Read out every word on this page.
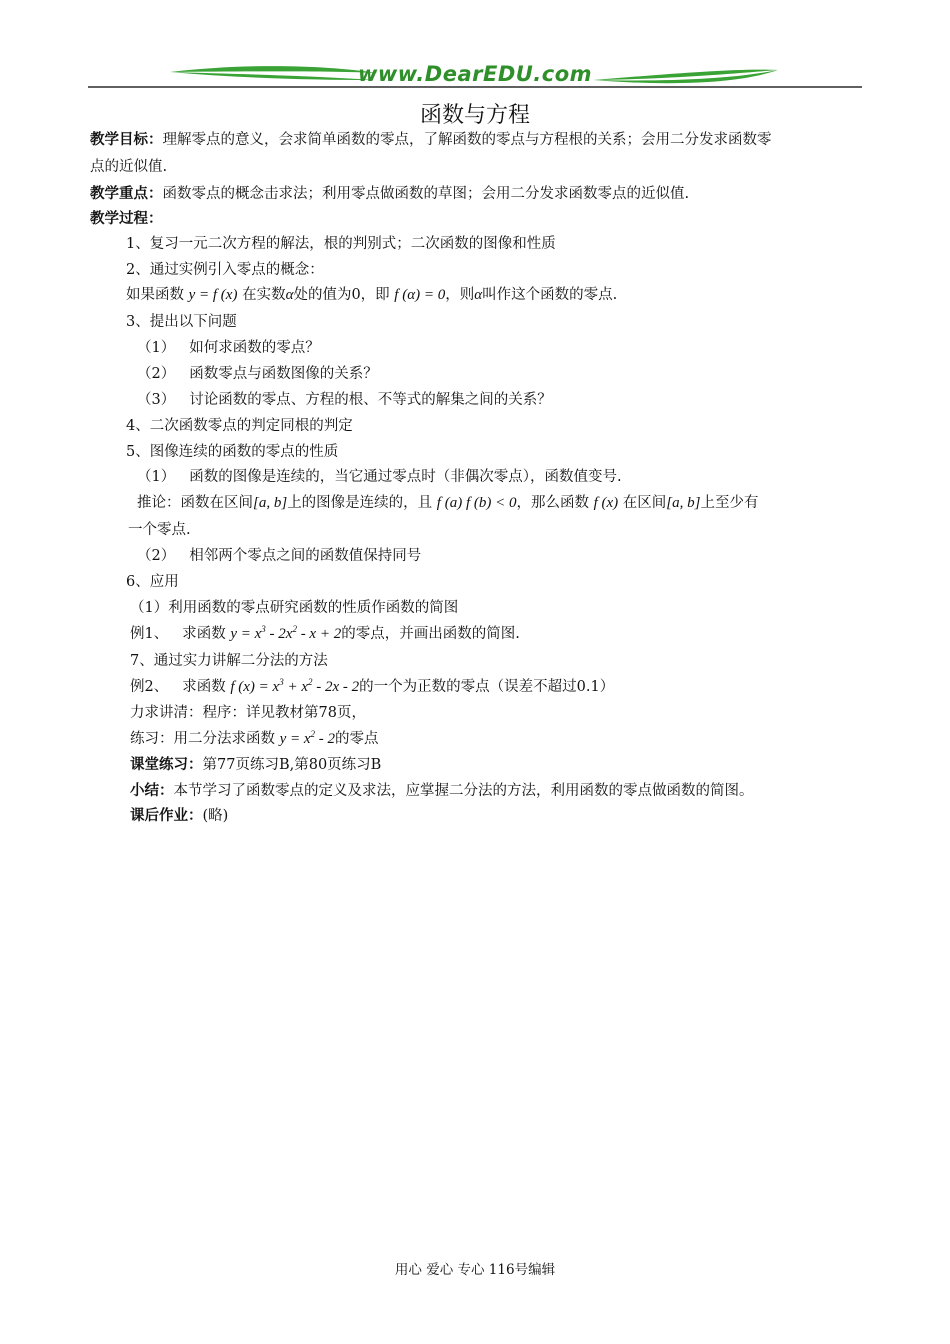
www.DearEDU.com
函数与方程
教学目标：理解零点的意义，会求简单函数的零点，了解函数的零点与方程根的关系；会用二分发求函数零
点的近似值.
教学重点：函数零点的概念击求法；利用零点做函数的草图；会用二分发求函数零点的近似值.
教学过程：
1、复习一元二次方程的解法，根的判别式；二次函数的图像和性质
2、通过实例引入零点的概念：
如果函数 y = f (x) 在实数α处的值为0，即 f (α) = 0，则α叫作这个函数的零点.
3、提出以下问题
（1） 如何求函数的零点？
（2） 函数零点与函数图像的关系？
（3） 讨论函数的零点、方程的根、不等式的解集之间的关系？
4、二次函数零点的判定同根的判定
5、图像连续的函数的零点的性质
（1） 函数的图像是连续的，当它通过零点时（非偶次零点），函数值变号.
推论：函数在区间[a, b]上的图像是连续的，且 f (a) f (b) < 0，那么函数 f (x) 在区间[a, b]上至少有
一个零点.
（2） 相邻两个零点之间的函数值保持同号
6、应用
（1）利用函数的零点研究函数的性质作函数的简图
例1、 求函数 $y = x^3 - 2x^2 - x + 2$的零点，并画出函数的简图.
7、通过实力讲解二分法的方法
例2、 求函数 f $(x) = x^3 + x^2 - 2x - 2$的一个为正数的零点（误差不超过0.1）
力求讲清：程序：详见教材第78页，
练习：用二分法求函数 $y = x^2 - 2$的零点
课堂练习：第77页练习B,第80页练习B
小结：本节学习了函数零点的定义及求法，应掌握二分法的方法，利用函数的零点做函数的简图。
课后作业：(略)
用心 爱心 专心 116号编辑
